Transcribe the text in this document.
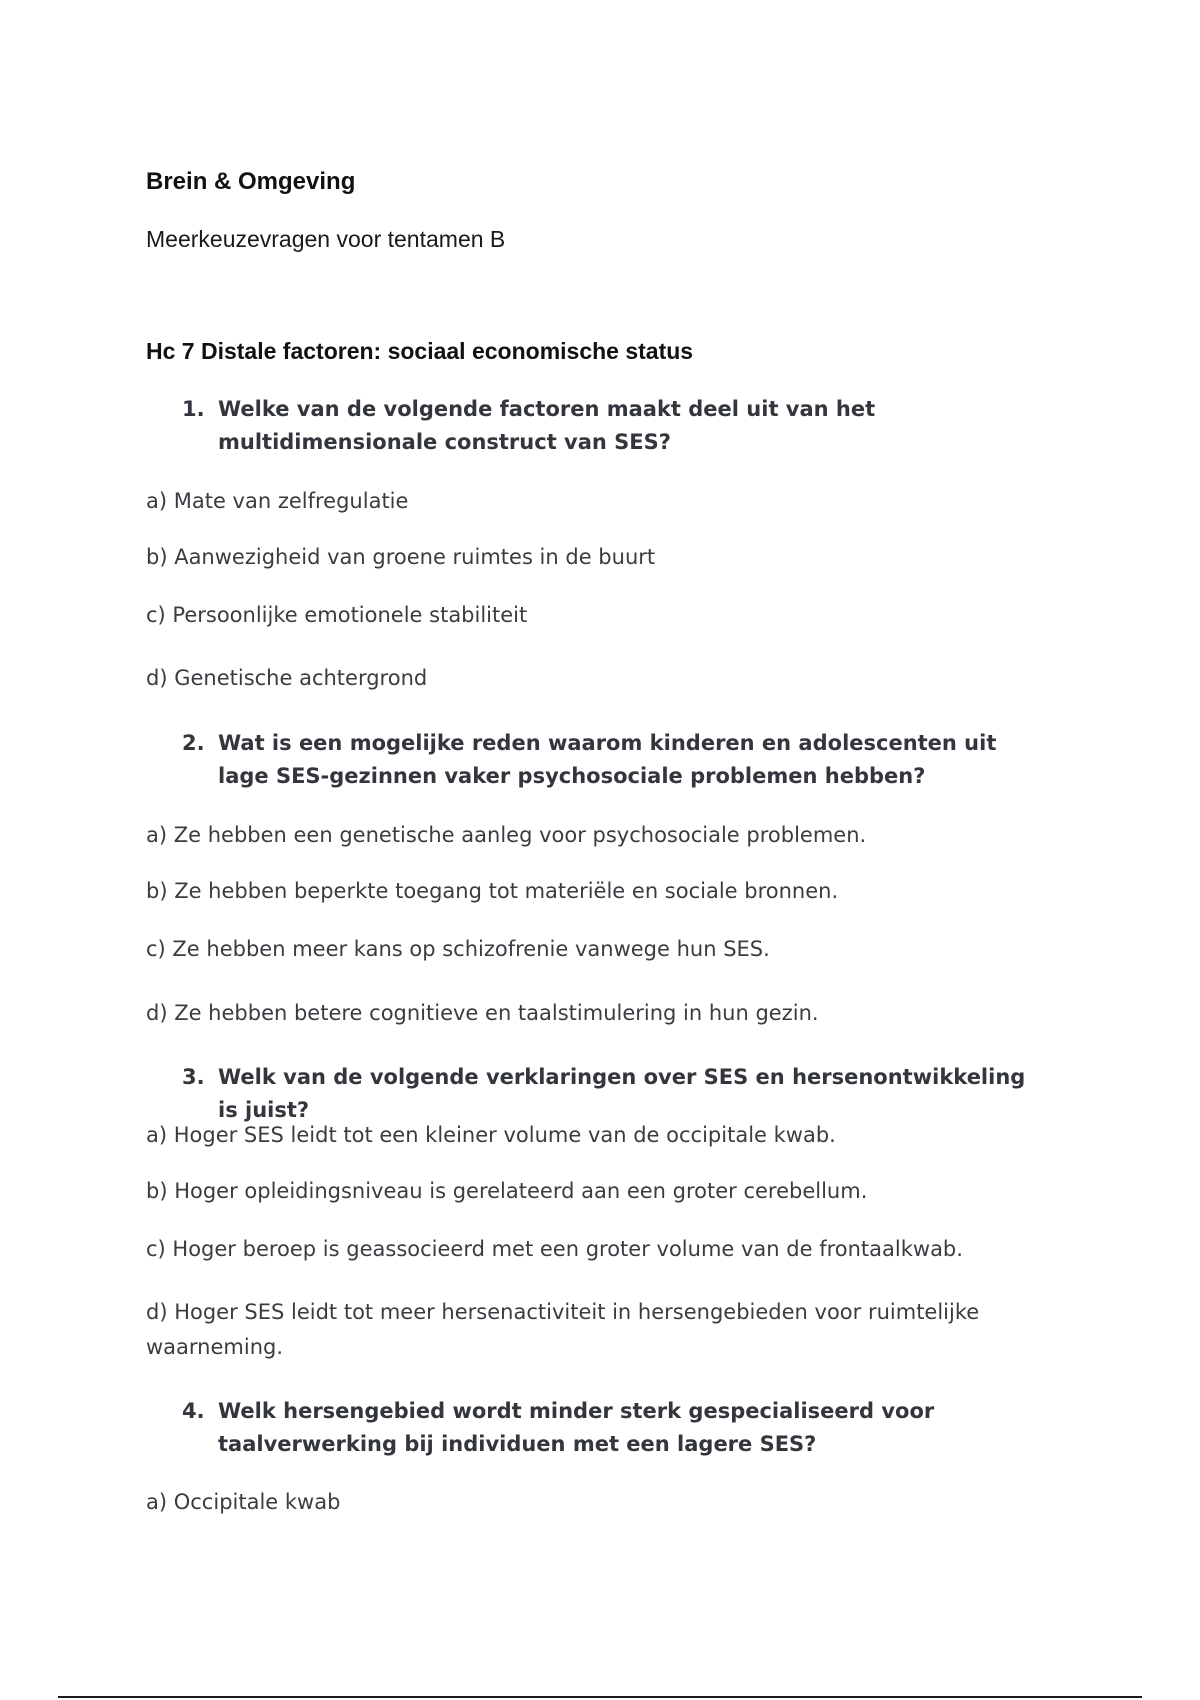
Brein & Omgeving

Meerkeuzevragen voor tentamen B

Hc 7 Distale factoren: sociaal economische status
1. Welke van de volgende factoren maakt deel uit van het multidimensionale construct van SES?
a) Mate van zelfregulatie
b) Aanwezigheid van groene ruimtes in de buurt
c) Persoonlijke emotionele stabiliteit
d) Genetische achtergrond
2. Wat is een mogelijke reden waarom kinderen en adolescenten uit lage SES-gezinnen vaker psychosociale problemen hebben?
a) Ze hebben een genetische aanleg voor psychosociale problemen.
b) Ze hebben beperkte toegang tot materiële en sociale bronnen.
c) Ze hebben meer kans op schizofrenie vanwege hun SES.
d) Ze hebben betere cognitieve en taalstimulering in hun gezin.
3. Welk van de volgende verklaringen over SES en hersenontwikkeling is juist?
a) Hoger SES leidt tot een kleiner volume van de occipitale kwab.
b) Hoger opleidingsniveau is gerelateerd aan een groter cerebellum.
c) Hoger beroep is geassocieerd met een groter volume van de frontaalkwab.
d) Hoger SES leidt tot meer hersenactiviteit in hersengebieden voor ruimtelijke waarneming.
4. Welk hersengebied wordt minder sterk gespecialiseerd voor taalverwerking bij individuen met een lagere SES?
a) Occipitale kwab
